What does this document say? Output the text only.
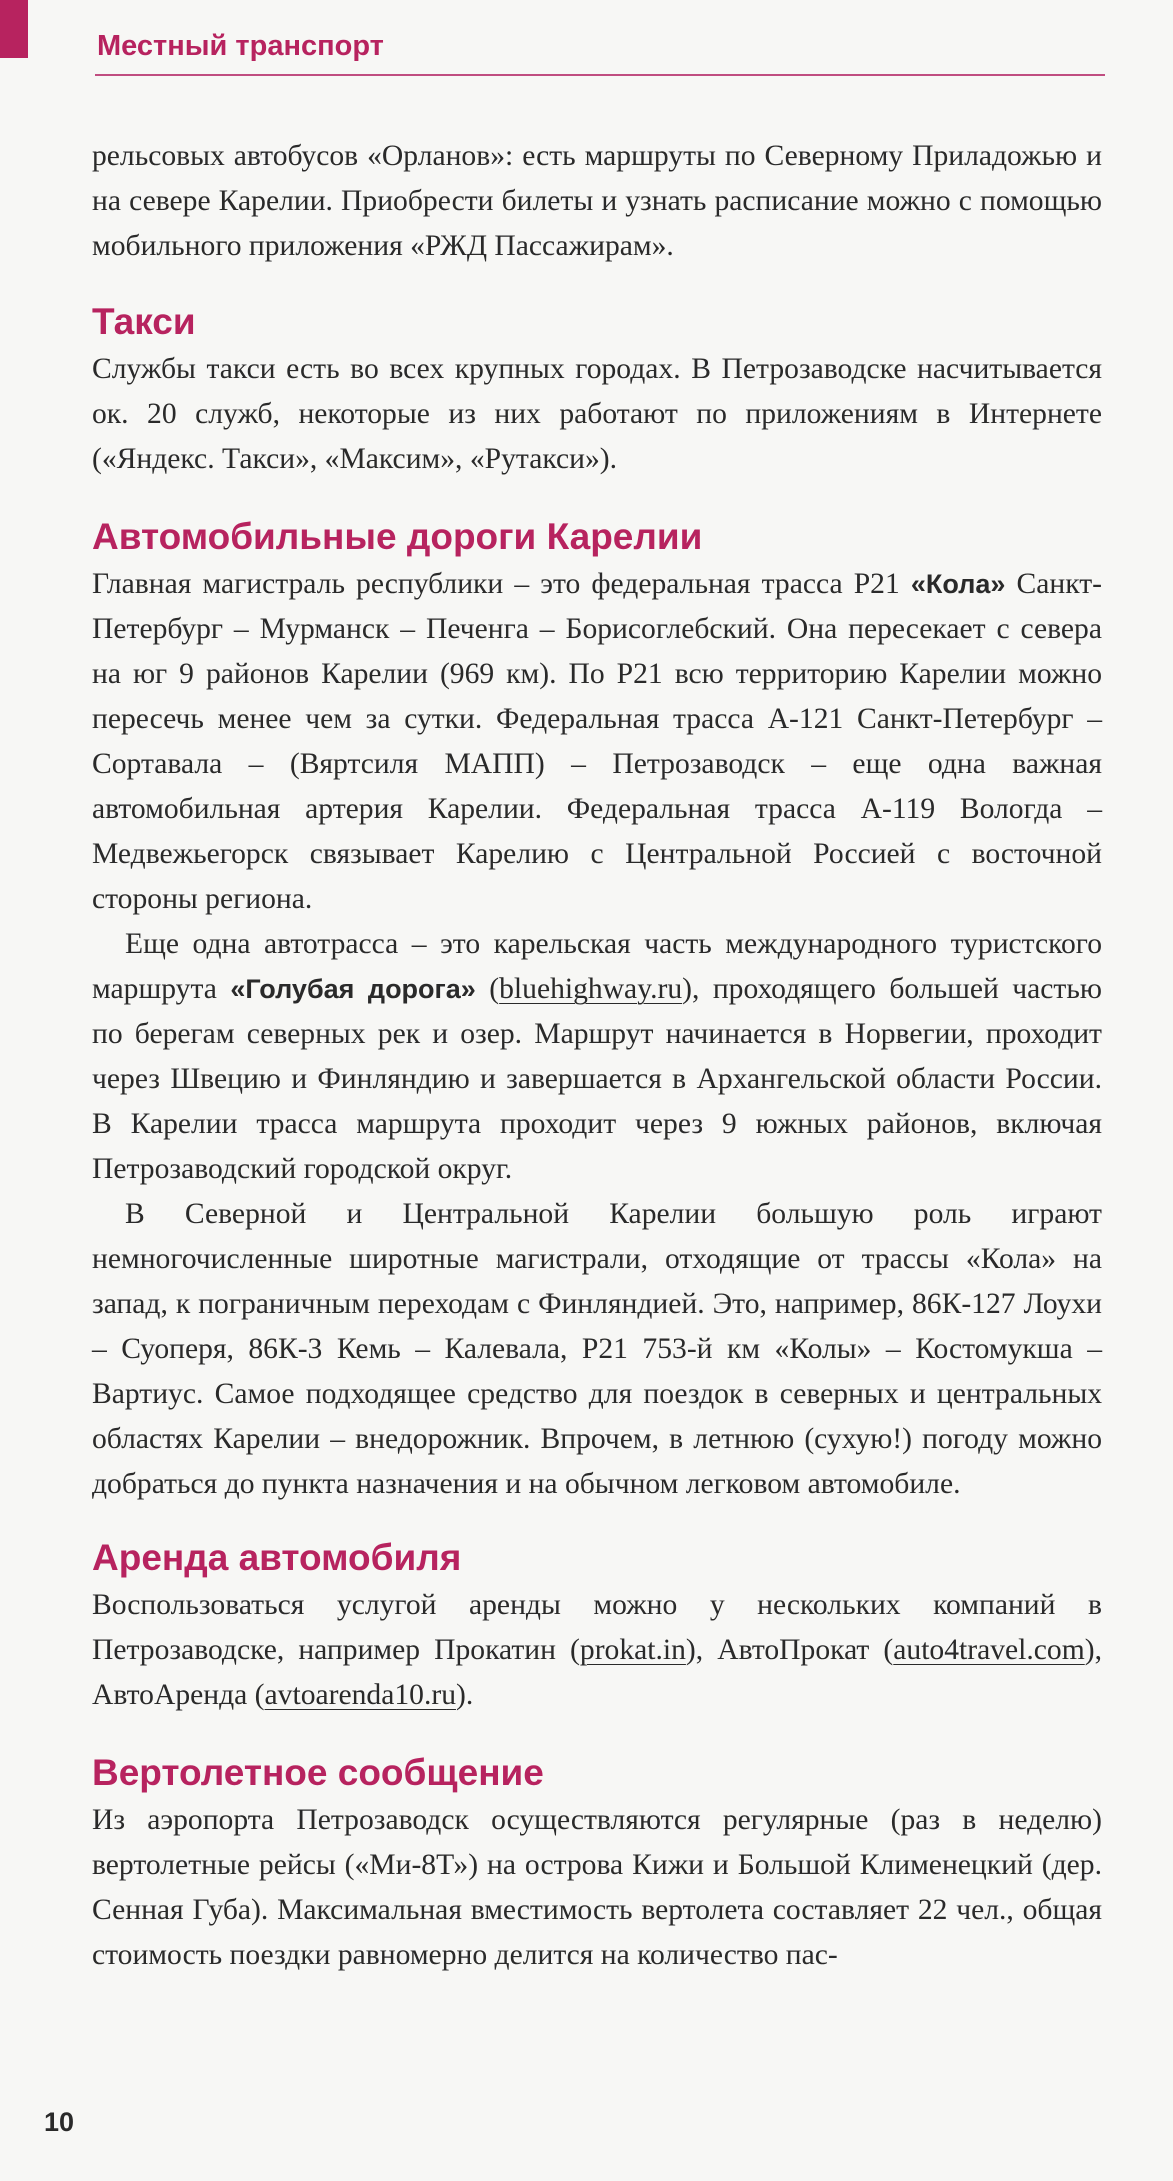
Местный транспорт

рельсовых автобусов «Орланов»: есть маршруты по Северному Приладожью и на севере Карелии. Приобрести билеты и узнать расписание можно с помощью мобильного приложения «РЖД Пассажирам».

Такси

Службы такси есть во всех крупных городах. В Петрозаводске насчитывается ок. 20 служб, некоторые из них работают по приложениям в Интернете («Яндекс. Такси», «Максим», «Рутакси»).

Автомобильные дороги Карелии

Главная магистраль республики – это федеральная трасса Р21 «Кола» Санкт-Петербург – Мурманск – Печенга – Борисоглебский. Она пересекает с севера на юг 9 районов Карелии (969 км). По Р21 всю территорию Карелии можно пересечь менее чем за сутки. Федеральная трасса А-121 Санкт-Петербург – Сортавала – (Вяртсиля МАПП) – Петрозаводск – еще одна важная автомобильная артерия Карелии. Федеральная трасса А-119 Вологда – Медвежьегорск связывает Карелию с Центральной Россией с восточной стороны региона.

Еще одна автотрасса – это карельская часть международного туристского маршрута «Голубая дорога» (bluehighway.ru), проходящего большей частью по берегам северных рек и озер. Маршрут начинается в Норвегии, проходит через Швецию и Финляндию и завершается в Архангельской области России. В Карелии трасса маршрута проходит через 9 южных районов, включая Петрозаводский городской округ.

В Северной и Центральной Карелии большую роль играют немногочисленные широтные магистрали, отходящие от трассы «Кола» на запад, к пограничным переходам с Финляндией. Это, например, 86К-127 Лоухи – Суоперя, 86К-3 Кемь – Калевала, Р21 753-й км «Колы» – Костомукша – Вартиус. Самое подходящее средство для поездок в северных и центральных областях Карелии – внедорожник. Впрочем, в летнюю (сухую!) погоду можно добраться до пункта назначения и на обычном легковом автомобиле.

Аренда автомобиля

Воспользоваться услугой аренды можно у нескольких компаний в Петрозаводске, например Прокатин (prokat.in), АвтоПрокат (auto4travel.com), АвтоАренда (avtoarenda10.ru).

Вертолетное сообщение

Из аэропорта Петрозаводск осуществляются регулярные (раз в неделю) вертолетные рейсы («Ми-8Т») на острова Кижи и Большой Клименецкий (дер. Сенная Губа). Максимальная вместимость вертолета составляет 22 чел., общая стоимость поездки равномерно делится на количество пас-

10
